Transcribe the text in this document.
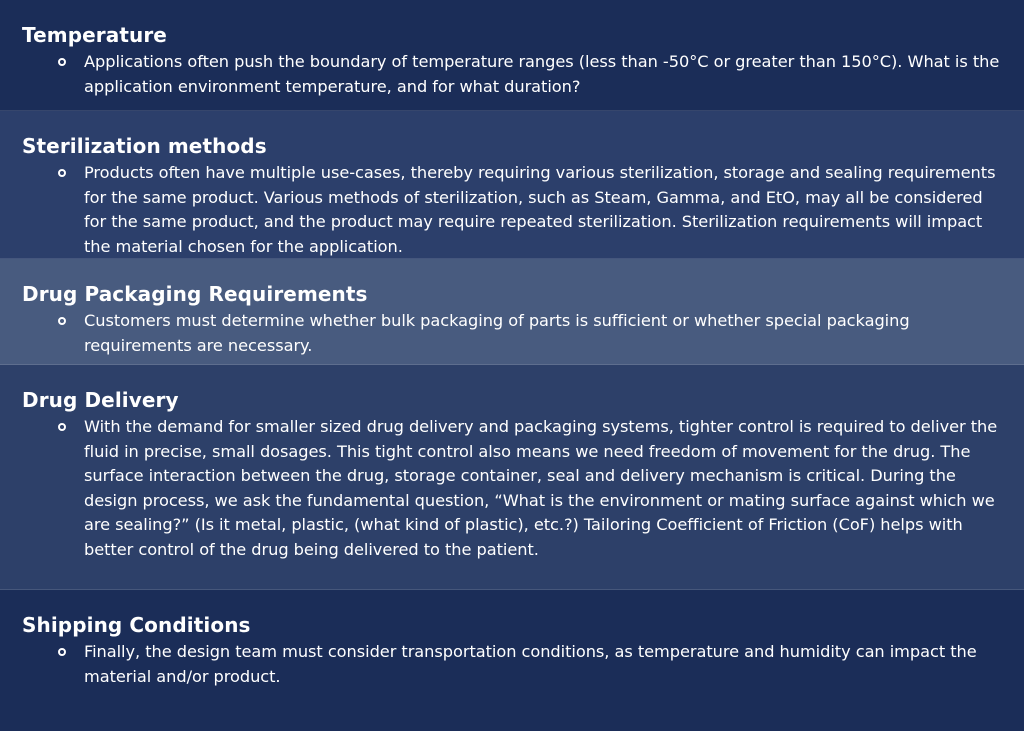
Temperature
Applications often push the boundary of temperature ranges (less than -50°C or greater than 150°C). What is the application environment temperature, and for what duration?
Sterilization methods
Products often have multiple use-cases, thereby requiring various sterilization, storage and sealing requirements for the same product. Various methods of sterilization, such as Steam, Gamma, and EtO, may all be considered for the same product, and the product may require repeated sterilization. Sterilization requirements will impact the material chosen for the application.
Drug Packaging Requirements
Customers must determine whether bulk packaging of parts is sufficient or whether special packaging requirements are necessary.
Drug Delivery
With the demand for smaller sized drug delivery and packaging systems, tighter control is required to deliver the fluid in precise, small dosages. This tight control also means we need freedom of movement for the drug. The surface interaction between the drug, storage container, seal and delivery mechanism is critical. During the design process, we ask the fundamental question, “What is the environment or mating surface against which we are sealing?” (Is it metal, plastic, (what kind of plastic), etc.?) Tailoring Coefficient of Friction (CoF) helps with better control of the drug being delivered to the patient.
Shipping Conditions
Finally, the design team must consider transportation conditions, as temperature and humidity can impact the material and/or product.
